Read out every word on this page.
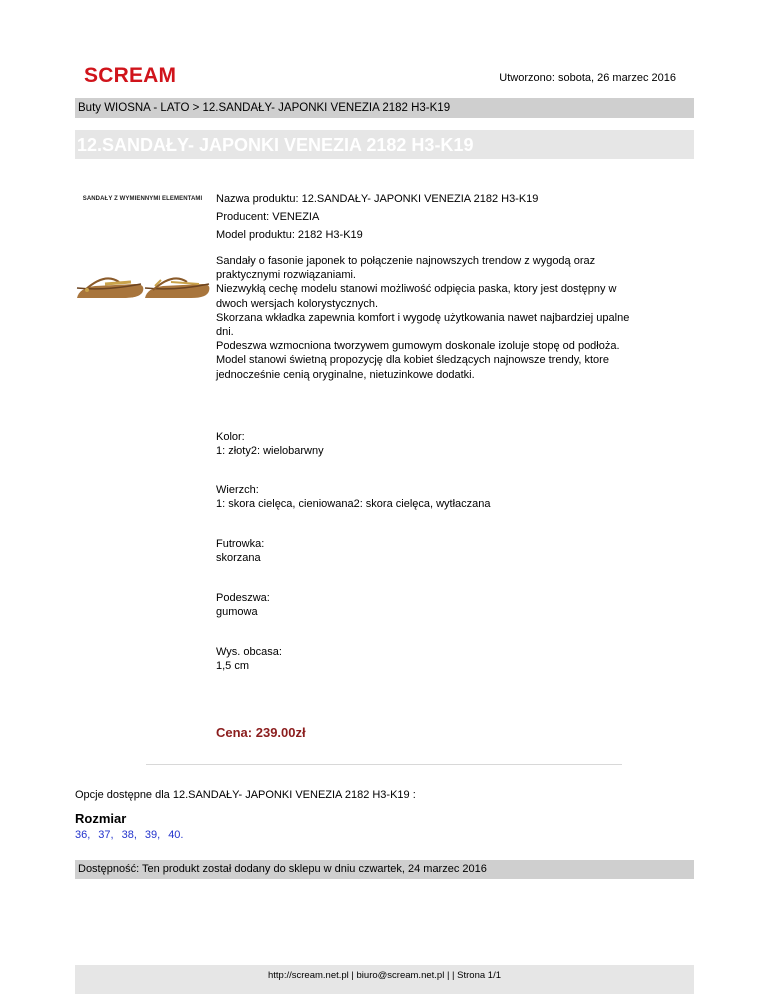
SCREAM	Utworzono: sobota, 26 marzec 2016
Buty WIOSNA - LATO > 12.SANDAŁY- JAPONKI VENEZIA 2182 H3-K19
12.SANDAŁY- JAPONKI VENEZIA 2182 H3-K19
SANDAŁY Z WYMIENNYMI ELEMENTAMI	Nazwa produktu: 12.SANDAŁY- JAPONKI VENEZIA 2182 H3-K19
Producent: VENEZIA
Model produktu: 2182 H3-K19
Sandały o fasonie japonek to połączenie najnowszych trendow z wygodą oraz
praktycznymi rozwiązaniami.
Niezwykłą cechę modelu stanowi możliwość odpięcia paska, ktory jest dostępny w
dwoch wersjach kolorystycznych.
Skorzana wkładka zapewnia komfort i wygodę użytkowania nawet najbardziej upalne
dni.
Podeszwa wzmocniona tworzywem gumowym doskonale izoluje stopę od podłoża.
Model stanowi świetną propozycję dla kobiet śledzących najnowsze trendy, ktore
jednocześnie cenią oryginalne, nietuzinkowe dodatki.
Kolor:
1: złoty2: wielobarwny
Wierzch:
1: skora cielęca, cieniowana2: skora cielęca, wytłaczana
Futrowka:
skorzana
Podeszwa:
gumowa
Wys. obcasa:
1,5 cm
Cena: 239.00zł
Opcje dostępne dla 12.SANDAŁY- JAPONKI VENEZIA 2182 H3-K19 :
Rozmiar
36, 37, 38, 39, 40.
Dostępność: Ten produkt został dodany do sklepu w dniu czwartek, 24 marzec 2016
http://scream.net.pl | biuro@scream.net.pl | | Strona 1/1
